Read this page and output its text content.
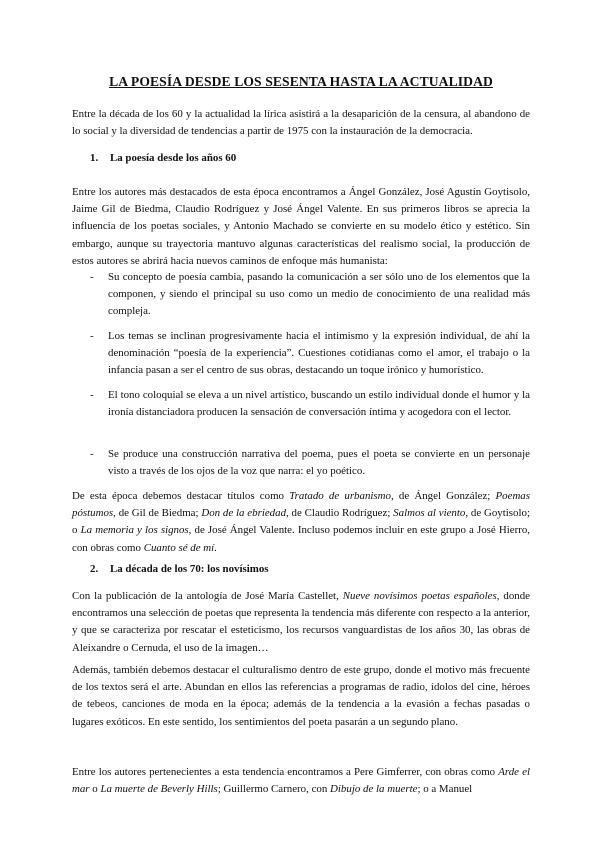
LA POESÍA DESDE LOS SESENTA HASTA LA ACTUALIDAD

Entre la década de los 60 y la actualidad la lírica asistirá a la desaparición de la censura, al abandono de lo social y la diversidad de tendencias a partir de 1975 con la instauración de la democracia.

1. La poesía desde los años 60

Entre los autores más destacados de esta época encontramos a Ángel González, José Agustín Goytisolo, Jaime Gil de Biedma, Claudio Rodríguez y José Ángel Valente. En sus primeros libros se aprecia la influencia de los poetas sociales, y Antonio Machado se convierte en su modelo ético y estético. Sin embargo, aunque su trayectoria mantuvo algunas características del realismo social, la producción de estos autores se abrirá hacia nuevos caminos de enfoque más humanista:

- Su concepto de poesía cambia, pasando la comunicación a ser sólo uno de los elementos que la componen, y siendo el principal su uso como un medio de conocimiento de una realidad más compleja.

- Los temas se inclinan progresivamente hacia el intimismo y la expresión individual, de ahí la denominación “poesía de la experiencia”. Cuestiones cotidianas como el amor, el trabajo o la infancia pasan a ser el centro de sus obras, destacando un toque irónico y humorístico.

- El tono coloquial se eleva a un nivel artístico, buscando un estilo individual donde el humor y la ironía distanciadora producen la sensación de conversación íntima y acogedora con el lector.

- Se produce una construcción narrativa del poema, pues el poeta se convierte en un personaje visto a través de los ojos de la voz que narra: el yo poético.

De esta época debemos destacar títulos como Tratado de urbanismo, de Ángel González; Poemas póstumos, de Gil de Biedma; Don de la ebriedad, de Claudio Rodríguez; Salmos al viento, de Goytisolo; o La memoria y los signos, de José Ángel Valente. Incluso podemos incluir en este grupo a José Hierro, con obras como Cuanto sé de mí.

2. La década de los 70: los novísimos

Con la publicación de la antología de José María Castellet, Nueve novísimos poetas españoles, donde encontramos una selección de poetas que representa la tendencia más diferente con respecto a la anterior, y que se caracteriza por rescatar el esteticismo, los recursos vanguardistas de los años 30, las obras de Aleixandre o Cernuda, el uso de la imagen…

Además, también debemos destacar el culturalismo dentro de este grupo, donde el motivo más frecuente de los textos será el arte. Abundan en ellos las referencias a programas de radio, ídolos del cine, héroes de tebeos, canciones de moda en la época; además de la tendencia a la evasión a fechas pasadas o lugares exóticos. En este sentido, los sentimientos del poeta pasarán a un segundo plano.

Entre los autores pertenecientes a esta tendencia encontramos a Pere Gimferrer, con obras como Arde el mar o La muerte de Beverly Hills; Guillermo Carnero, con Dibujo de la muerte; o a Manuel
